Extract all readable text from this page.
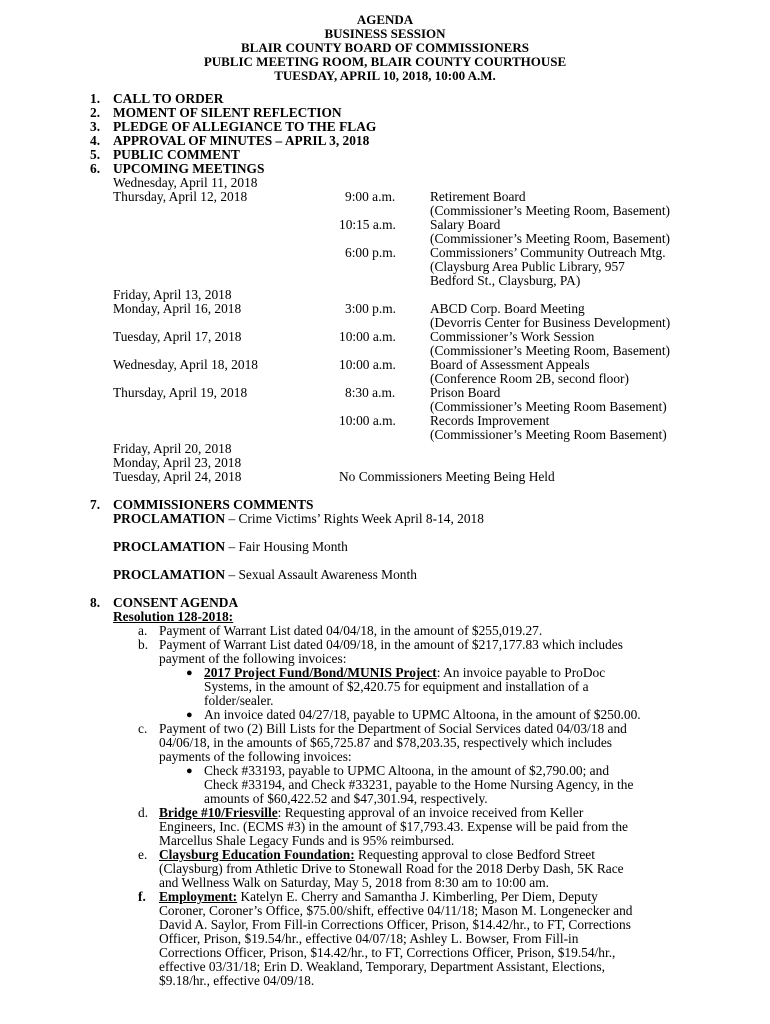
AGENDA
BUSINESS SESSION
BLAIR COUNTY BOARD OF COMMISSIONERS
PUBLIC MEETING ROOM, BLAIR COUNTY COURTHOUSE
TUESDAY, APRIL 10, 2018, 10:00 A.M.
1. CALL TO ORDER
2. MOMENT OF SILENT REFLECTION
3. PLEDGE OF ALLEGIANCE TO THE FLAG
4. APPROVAL OF MINUTES – APRIL 3, 2018
5. PUBLIC COMMENT
6. UPCOMING MEETINGS
Wednesday, April 11, 2018
Thursday, April 12, 2018	9:00 a.m.	Retirement Board
(Commissioner’s Meeting Room, Basement)
10:15 a.m.	Salary Board
(Commissioner’s Meeting Room, Basement)
6:00 p.m.	Commissioners’ Community Outreach Mtg.
(Claysburg Area Public Library, 957
Bedford St., Claysburg, PA)
Friday, April 13, 2018
Monday, April 16, 2018	3:00 p.m.	ABCD Corp. Board Meeting
(Devorris Center for Business Development)
Tuesday, April 17, 2018	10:00 a.m.	Commissioner’s Work Session
(Commissioner’s Meeting Room, Basement)
Wednesday, April 18, 2018	10:00 a.m.	Board of Assessment Appeals
(Conference Room 2B, second floor)
Thursday, April 19, 2018	8:30 a.m.	Prison Board
(Commissioner’s Meeting Room Basement)
10:00 a.m.	Records Improvement
(Commissioner’s Meeting Room Basement)
Friday, April 20, 2018
Monday, April 23, 2018
Tuesday, April 24, 2018	No Commissioners Meeting Being Held
7. COMMISSIONERS COMMENTS
PROCLAMATION – Crime Victims’ Rights Week April 8-14, 2018
PROCLAMATION – Fair Housing Month
PROCLAMATION – Sexual Assault Awareness Month
8. CONSENT AGENDA
Resolution 128-2018:
a. Payment of Warrant List dated 04/04/18, in the amount of $255,019.27.
b. Payment of Warrant List dated 04/09/18, in the amount of $217,177.83 which includes
payment of the following invoices:
● 2017 Project Fund/Bond/MUNIS Project: An invoice payable to ProDoc
Systems, in the amount of $2,420.75 for equipment and installation of a
folder/sealer.
● An invoice dated 04/27/18, payable to UPMC Altoona, in the amount of $250.00.
c. Payment of two (2) Bill Lists for the Department of Social Services dated 04/03/18 and
04/06/18, in the amounts of $65,725.87 and $78,203.35, respectively which includes
payments of the following invoices:
● Check #33193, payable to UPMC Altoona, in the amount of $2,790.00; and
Check #33194, and Check #33231, payable to the Home Nursing Agency, in the
amounts of $60,422.52 and $47,301.94, respectively.
d. Bridge #10/Friesville: Requesting approval of an invoice received from Keller
Engineers, Inc. (ECMS #3) in the amount of $17,793.43. Expense will be paid from the
Marcellus Shale Legacy Funds and is 95% reimbursed.
e. Claysburg Education Foundation: Requesting approval to close Bedford Street
(Claysburg) from Athletic Drive to Stonewall Road for the 2018 Derby Dash, 5K Race
and Wellness Walk on Saturday, May 5, 2018 from 8:30 am to 10:00 am.
f. Employment: Katelyn E. Cherry and Samantha J. Kimberling, Per Diem, Deputy
Coroner, Coroner’s Office, $75.00/shift, effective 04/11/18; Mason M. Longenecker and
David A. Saylor, From Fill-in Corrections Officer, Prison, $14.42/hr., to FT, Corrections
Officer, Prison, $19.54/hr., effective 04/07/18; Ashley L. Bowser, From Fill-in
Corrections Officer, Prison, $14.42/hr., to FT, Corrections Officer, Prison, $19.54/hr.,
effective 03/31/18; Erin D. Weakland, Temporary, Department Assistant, Elections,
$9.18/hr., effective 04/09/18.
